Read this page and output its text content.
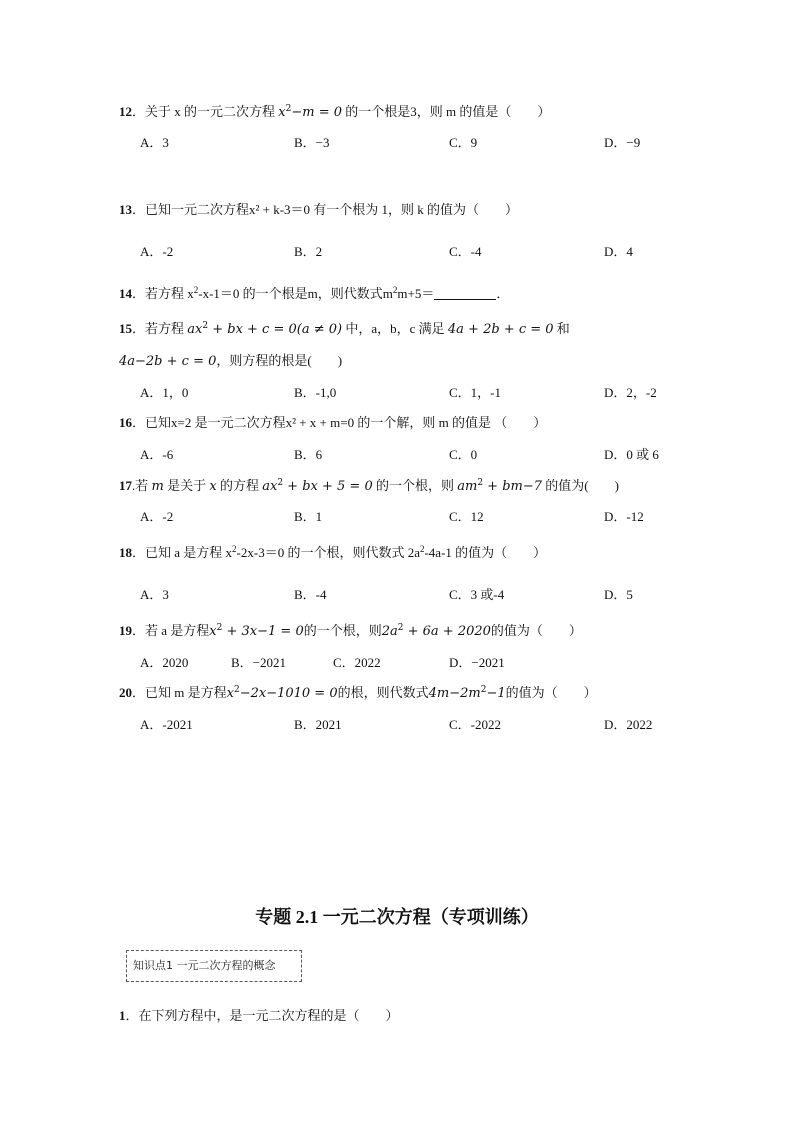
12．关于 x 的一元二次方程 $x^2-m = 0$ 的一个根是3，则 m 的值是（　　）
A．3	B．−3	C．9	D．−9
13．已知一元二次方程x² + k-3＝0 有一个根为 1，则 k 的值为（　　）
A．-2	B．2	C．-4	D．4
14．若方程 $x^2-x-1=0$ 的一个根是m，则代数式$m^2m+5=$	．
15．若方程 $ax^2$ + bx + c = 0(a ≠ 0) 中，a，b，c 满足 4a + 2b + c = 0 和
4a−2b + c = 0，则方程的根是(　　)
A．1，0	B．-1,0	C．1，-1	D．2，-2
16．已知x=2 是一元二次方程x² + x + m=0 的一个解，则 m 的值是 （　　）
A．-6	B．6	C．0	D．0 或 6
17.若 m 是关于 x 的方程 $ax^2$ + bx + 5 = 0 的一个根，则 $am^2 + bm-7$ 的值为(　　)
A．-2	B．1	C．12	D．-12
18．已知 a 是方程 $x^2-2x-3=0$ 的一个根，则代数式 $2a^2-4a-1$ 的值为（　　）
A．3	B．-4	C．3 或-4	D．5
19．若 a 是方程$x^2 + 3x-1 = 0$的一个根，则$2a^2 + 6a + 2020$的值为（　　）
A．2020	B．−2021	C．2022	D．−2021
20．已知 m 是方程$x^2-2x-1010 = 0$的根，则代数式$4m-2m^2-1$的值为（　　）
A．-2021	B．2021	C．-2022	D．2022
专题 2.1 一元二次方程（专项训练）
知识点1 一元二次方程的概念
1．在下列方程中，是一元二次方程的是（　　）
